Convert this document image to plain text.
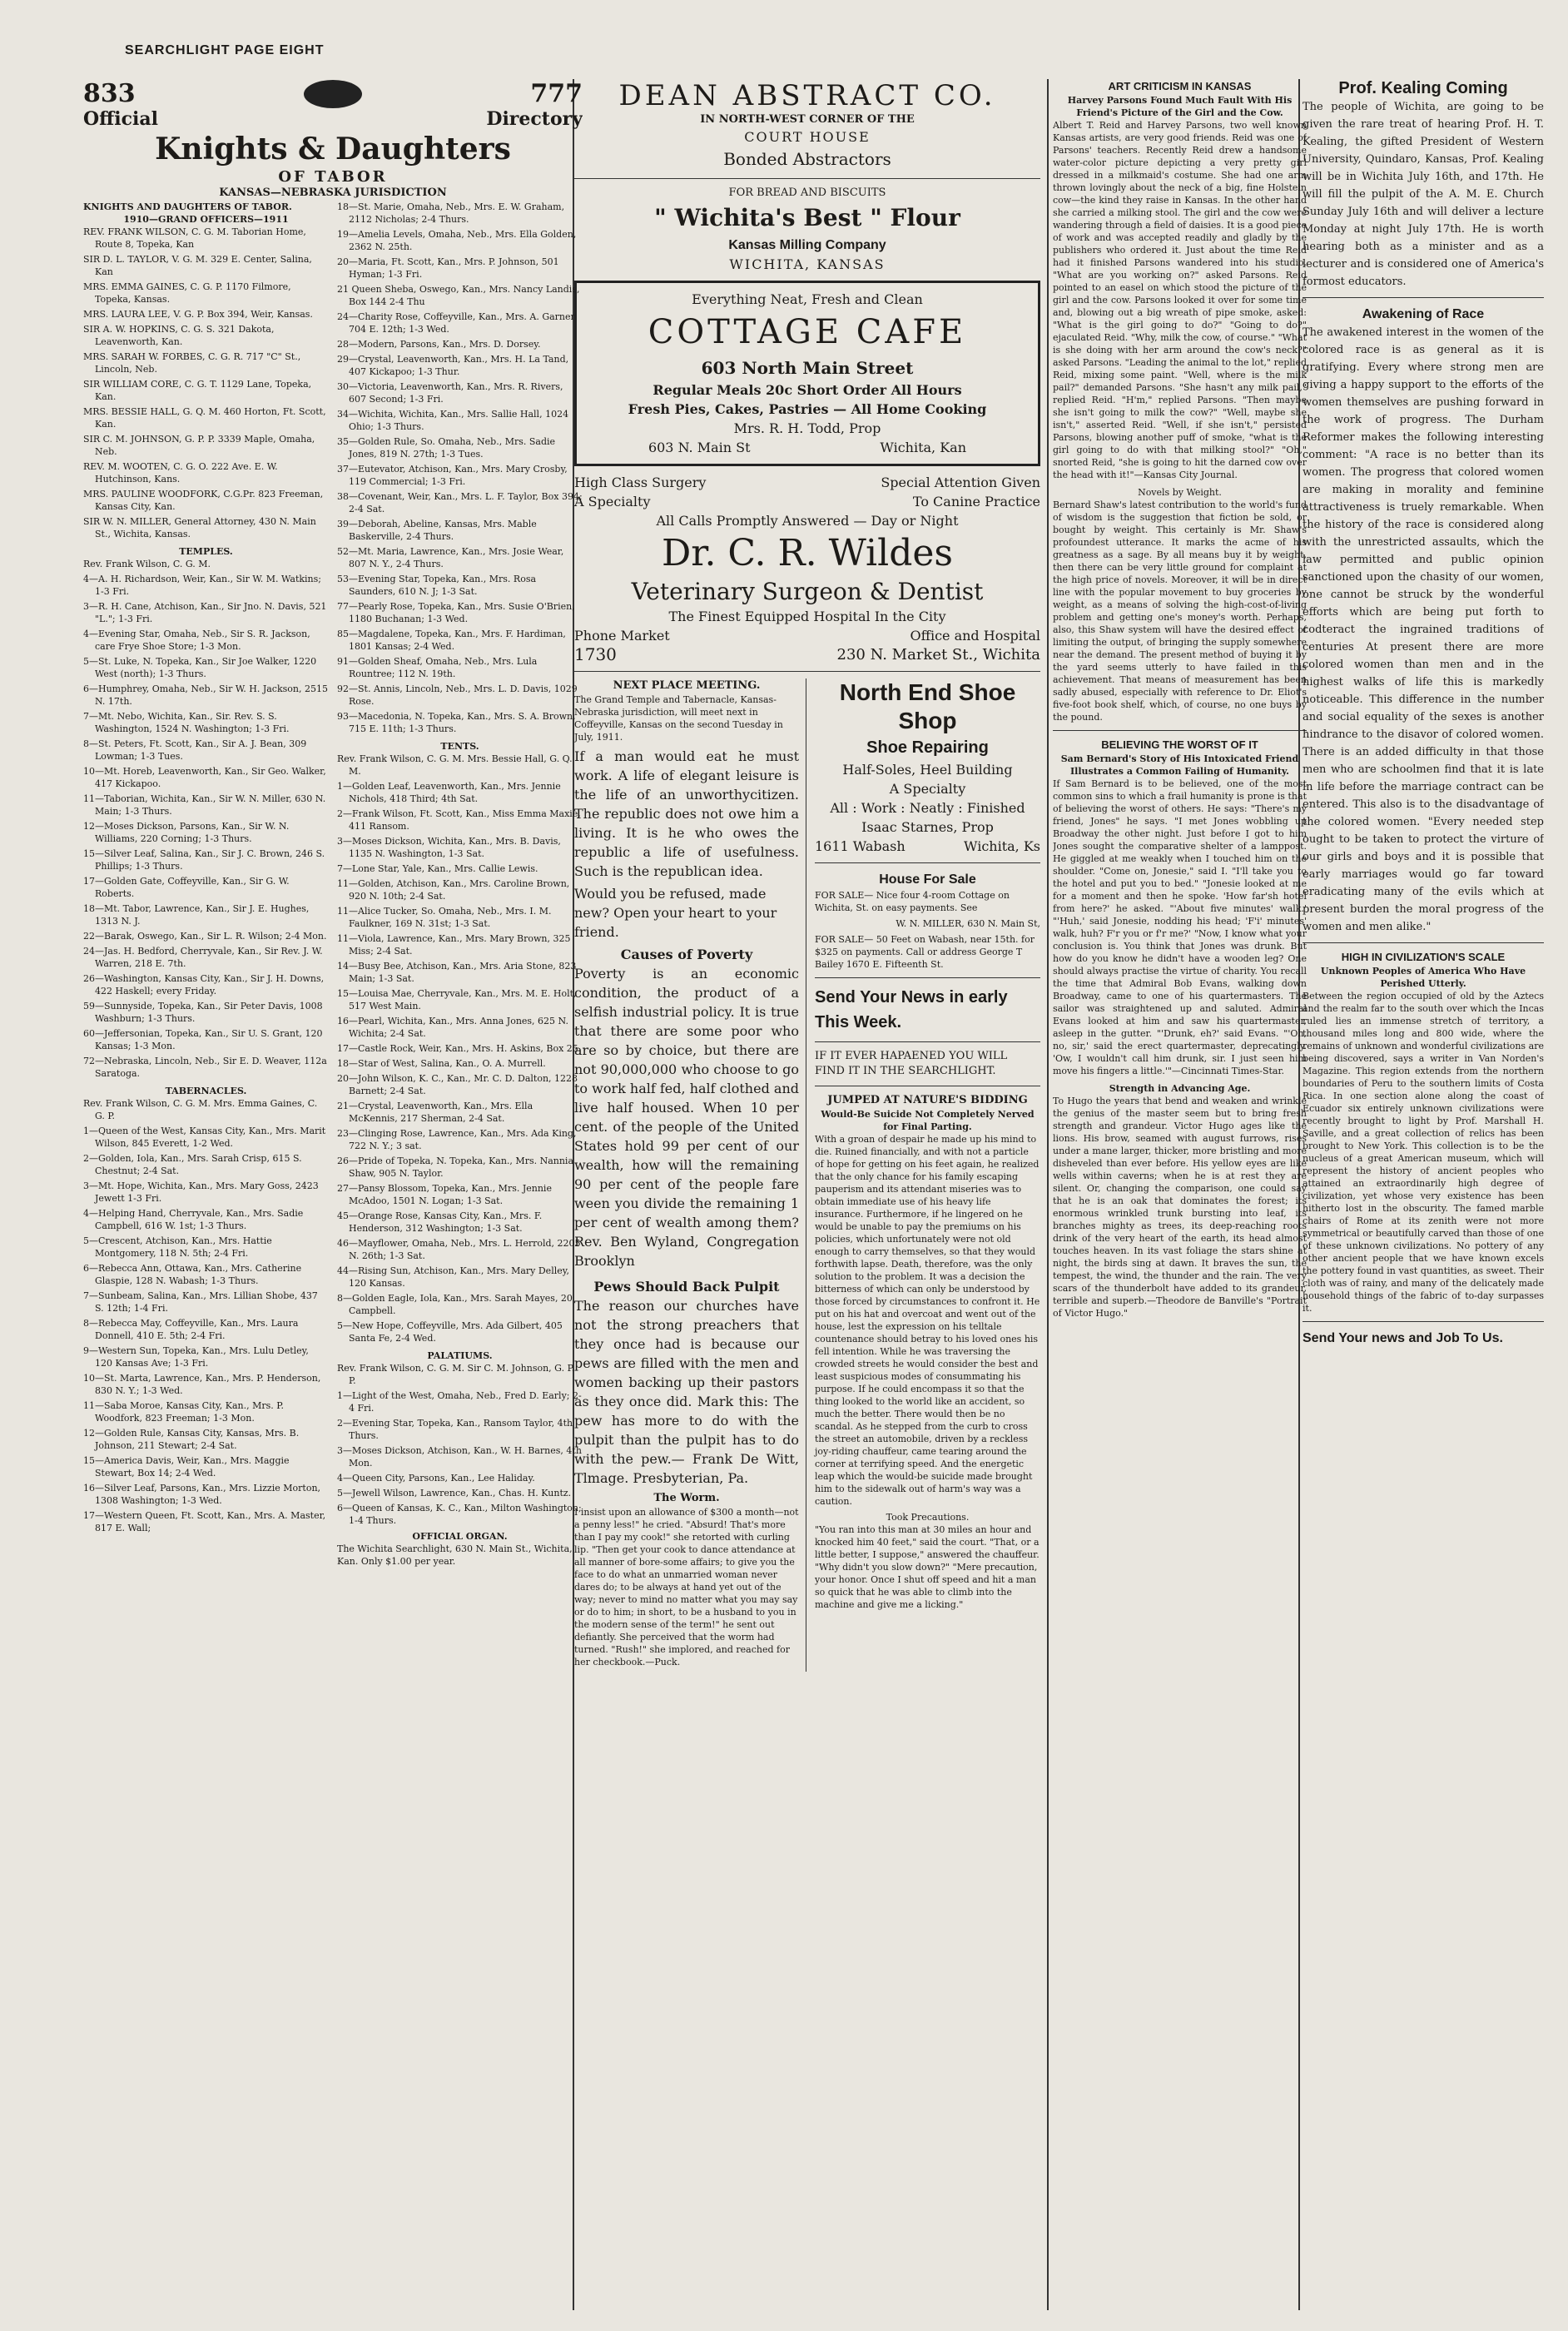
SEARCHLIGHT PAGE EIGHT
833	777
Official	Directory
Knights & Daughters
OF TABOR
KANSAS—NEBRASKA JURISDICTION
KNIGHTS AND DAUGHTERS OF TABOR.
1910—GRAND OFFICERS—1911
REV. FRANK WILSON, C. G. M. Taborian Home, Route 8, Topeka, Kan
SIR D. L. TAYLOR, V. G. M. 329 E. Center, Salina, Kan
MRS. EMMA GAINES, C. G. P. 1170 Filmore, Topeka, Kansas.
MRS. LAURA LEE, V. G. P. Box 394, Weir, Kansas.
SIR A. W. HOPKINS, C. G. S. 321 Dakota, Leavenworth, Kan.
MRS. SARAH W. FORBES, C. G. R. 717 "C" St., Lincoln, Neb.
SIR WILLIAM CORE, C. G. T. 1129 Lane, Topeka, Kan.
MRS. BESSIE HALL, G. Q. M. 460 Horton, Ft. Scott, Kan.
SIR C. M. JOHNSON, G. P. P. 3339 Maple, Omaha, Neb.
REV. M. WOOTEN, C. G. O. 222 Ave. E. W. Hutchinson, Kans.
MRS. PAULINE WOODFORK, C.G.Pr. 823 Freeman, Kansas City, Kan.
SIR W. N. MILLER, General Attorney, 430 N. Main St., Wichita, Kansas.
TEMPLES.
Rev. Frank Wilson, C. G. M.
4—A. H. Richardson, Weir, Kan., Sir W. M. Watkins; 1-3 Fri.
3—R. H. Cane, Atchison, Kan., Sir Jno. N. Davis, 521 "L."; 1-3 Fri.
4—Evening Star, Omaha, Neb., Sir S. R. Jackson, care Frye Shoe Store; 1-3 Mon.
5—St. Luke, N. Topeka, Kan., Sir Joe Walker, 1220 West (north); 1-3 Thurs.
6—Humphrey, Omaha, Neb., Sir W. H. Jackson, 2515 N. 17th.
7—Mt. Nebo, Wichita, Kan., Sir. Rev. S. S. Washington, 1524 N. Washington; 1-3 Fri.
8—St. Peters, Ft. Scott, Kan., Sir A. J. Bean, 309 Lowman; 1-3 Tues.
10—Mt. Horeb, Leavenworth, Kan., Sir Geo. Walker, 417 Kickapoo.
11—Taborian, Wichita, Kan., Sir W. N. Miller, 630 N. Main; 1-3 Thurs.
12—Moses Dickson, Parsons, Kan., Sir W. N. Williams, 220 Corning; 1-3 Thurs.
15—Silver Leaf, Salina, Kan., Sir J. C. Brown, 246 S. Phillips; 1-3 Thurs.
17—Golden Gate, Coffeyville, Kan., Sir G. W. Roberts.
18—Mt. Tabor, Lawrence, Kan., Sir J. E. Hughes, 1313 N. J.
22—Barak, Oswego, Kan., Sir L. R. Wilson; 2-4 Mon.
24—Jas. H. Bedford, Cherryvale, Kan., Sir Rev. J. W. Warren, 218 E. 7th.
26—Washington, Kansas City, Kan., Sir J. H. Downs, 422 Haskell; every Friday.
59—Sunnyside, Topeka, Kan., Sir Peter Davis, 1008 Washburn; 1-3 Thurs.
60—Jeffersonian, Topeka, Kan., Sir U. S. Grant, 120 Kansas; 1-3 Mon.
72—Nebraska, Lincoln, Neb., Sir E. D. Weaver, 112a Saratoga.
TABERNACLES.
Rev. Frank Wilson, C. G. M. Mrs. Emma Gaines, C. G. P.
1—Queen of the West, Kansas City, Kan., Mrs. Marit Wilson, 845 Everett, 1-2 Wed.
2—Golden, Iola, Kan., Mrs. Sarah Crisp, 615 S. Chestnut; 2-4 Sat.
3—Mt. Hope, Wichita, Kan., Mrs. Mary Goss, 2423 Jewett 1-3 Fri.
4—Helping Hand, Cherryvale, Kan., Mrs. Sadie Campbell, 616 W. 1st; 1-3 Thurs.
5—Crescent, Atchison, Kan., Mrs. Hattie Montgomery, 118 N. 5th; 2-4 Fri.
6—Rebecca Ann, Ottawa, Kan., Mrs. Catherine Glaspie, 128 N. Wabash; 1-3 Thurs.
7—Sunbeam, Salina, Kan., Mrs. Lillian Shobe, 437 S. 12th; 1-4 Fri.
8—Rebecca May, Coffeyville, Kan., Mrs. Laura Donnell, 410 E. 5th; 2-4 Fri.
9—Western Sun, Topeka, Kan., Mrs. Lulu Detley, 120 Kansas Ave; 1-3 Fri.
10—St. Marta, Lawrence, Kan., Mrs. P. Henderson, 830 N. Y.; 1-3 Wed.
11—Saba Moroe, Kansas City, Kan., Mrs. P. Woodfork, 823 Freeman; 1-3 Mon.
12—Golden Rule, Kansas City, Kansas, Mrs. B. Johnson, 211 Stewart; 2-4 Sat.
15—America Davis, Weir, Kan., Mrs. Maggie Stewart, Box 14; 2-4 Wed.
16—Silver Leaf, Parsons, Kan., Mrs. Lizzie Morton, 1308 Washington; 1-3 Wed.
17—Western Queen, Ft. Scott, Kan., Mrs. A. Master, 817 E. Wall;
18—St. Marie, Omaha, Neb., Mrs. E. W. Graham, 2112 Nicholas; 2-4 Thurs.
19—Amelia Levels, Omaha, Neb., Mrs. Ella Golden, 2362 N. 25th.
20—Maria, Ft. Scott, Kan., Mrs. P. Johnson, 501 Hyman; 1-3 Fri.
21 Queen Sheba, Oswego, Kan., Mrs. Nancy Landis, Box 144 2-4 Thu
24—Charity Rose, Coffeyville, Kan., Mrs. A. Garner, 704 E. 12th; 1-3 Wed.
28—Modern, Parsons, Kan., Mrs. D. Dorsey.
29—Crystal, Leavenworth, Kan., Mrs. H. La Tand, 407 Kickapoo; 1-3 Thur.
30—Victoria, Leavenworth, Kan., Mrs. R. Rivers, 607 Second; 1-3 Fri.
34—Wichita, Wichita, Kan., Mrs. Sallie Hall, 1024 Ohio; 1-3 Thurs.
35—Golden Rule, So. Omaha, Neb., Mrs. Sadie Jones, 819 N. 27th; 1-3 Tues.
37—Eutevator, Atchison, Kan., Mrs. Mary Crosby, 119 Commercial; 1-3 Fri.
38—Covenant, Weir, Kan., Mrs. L. F. Taylor, Box 394; 2-4 Sat.
39—Deborah, Abeline, Kansas, Mrs. Mable Baskerville, 2-4 Thurs.
52—Mt. Maria, Lawrence, Kan., Mrs. Josie Wear, 807 N. Y., 2-4 Thurs.
53—Evening Star, Topeka, Kan., Mrs. Rosa Saunders, 610 N. J; 1-3 Sat.
77—Pearly Rose, Topeka, Kan., Mrs. Susie O'Brien, 1180 Buchanan; 1-3 Wed.
85—Magdalene, Topeka, Kan., Mrs. F. Hardiman, 1801 Kansas; 2-4 Wed.
91—Golden Sheaf, Omaha, Neb., Mrs. Lula Rountree; 112 N. 19th.
92—St. Annis, Lincoln, Neb., Mrs. L. D. Davis, 1029 Rose.
93—Macedonia, N. Topeka, Kan., Mrs. S. A. Brown, 715 E. 11th; 1-3 Thurs.
TENTS.
Rev. Frank Wilson, C. G. M. Mrs. Bessie Hall, G. Q. M.
1—Golden Leaf, Leavenworth, Kan., Mrs. Jennie Nichols, 418 Third; 4th Sat.
2—Frank Wilson, Ft. Scott, Kan., Miss Emma Maxie, 411 Ransom.
3—Moses Dickson, Wichita, Kan., Mrs. B. Davis, 1135 N. Washington, 1-3 Sat.
7—Lone Star, Yale, Kan., Mrs. Callie Lewis.
11—Golden, Atchison, Kan., Mrs. Caroline Brown, 920 N. 10th; 2-4 Sat.
11—Alice Tucker, So. Omaha, Neb., Mrs. I. M. Faulkner, 169 N. 31st; 1-3 Sat.
11—Viola, Lawrence, Kan., Mrs. Mary Brown, 325 Miss; 2-4 Sat.
14—Busy Bee, Atchison, Kan., Mrs. Aria Stone, 823 Main; 1-3 Sat.
15—Louisa Mae, Cherryvale, Kan., Mrs. M. E. Holt, 517 West Main.
16—Pearl, Wichita, Kan., Mrs. Anna Jones, 625 N. Wichita; 2-4 Sat.
17—Castle Rock, Weir, Kan., Mrs. H. Askins, Box 25.
18—Star of West, Salina, Kan., O. A. Murrell.
20—John Wilson, K. C., Kan., Mr. C. D. Dalton, 1228 Barnett; 2-4 Sat.
21—Crystal, Leavenworth, Kan., Mrs. Ella McKennis, 217 Sherman, 2-4 Sat.
23—Clinging Rose, Lawrence, Kan., Mrs. Ada King, 722 N. Y.; 3 sat.
26—Pride of Topeka, N. Topeka, Kan., Mrs. Nannia Shaw, 905 N. Taylor.
27—Pansy Blossom, Topeka, Kan., Mrs. Jennie McAdoo, 1501 N. Logan; 1-3 Sat.
45—Orange Rose, Kansas City, Kan., Mrs. F. Henderson, 312 Washington; 1-3 Sat.
46—Mayflower, Omaha, Neb., Mrs. L. Herrold, 2205 N. 26th; 1-3 Sat.
44—Rising Sun, Atchison, Kan., Mrs. Mary Delley, 120 Kansas.
8—Golden Eagle, Iola, Kan., Mrs. Sarah Mayes, 20 Campbell.
5—New Hope, Coffeyville, Mrs. Ada Gilbert, 405 Santa Fe, 2-4 Wed.
PALATIUMS.
Rev. Frank Wilson, C. G. M. Sir C. M. Johnson, G. P. P.
1—Light of the West, Omaha, Neb., Fred D. Early; 2-4 Fri.
2—Evening Star, Topeka, Kan., Ransom Taylor, 4th Thurs.
3—Moses Dickson, Atchison, Kan., W. H. Barnes, 4th Mon.
4—Queen City, Parsons, Kan., Lee Haliday.
5—Jewell Wilson, Lawrence, Kan., Chas. H. Kuntz.
6—Queen of Kansas, K. C., Kan., Milton Washington; 1-4 Thurs.
OFFICIAL ORGAN.
The Wichita Searchlight, 630 N. Main St., Wichita, Kan. Only $1.00 per year.
DEAN ABSTRACT CO.
IN NORTH-WEST CORNER OF THE
COURT HOUSE
Bonded Abstractors
FOR BREAD AND BISCUITS
" Wichita's Best " Flour
Kansas Milling Company
WICHITA, KANSAS
Everything Neat, Fresh and Clean
COTTAGE CAFE
603 North Main Street
Regular Meals 20c Short Order All Hours
Fresh Pies, Cakes, Pastries — All Home Cooking
Mrs. R. H. Todd, Prop
603 N. Main St	Wichita, Kan
High Class Surgery
A Specialty
Special Attention Given
To Canine Practice
All Calls Promptly Answered — Day or Night
Dr. C. R. Wildes
Veterinary Surgeon & Dentist
The Finest Equipped Hospital In the City
Phone Market
1730
Office and Hospital
230 N. Market St., Wichita
NEXT PLACE MEETING.

The Grand Temple and Tabernacle, Kansas-Nebraska jurisdiction, will meet next in Coffeyville, Kansas on the second Tuesday in July, 1911.

If a man would eat he must work. A life of elegant leisure is the life of an unworthycitizen. The republic does not owe him a living. It is he who owes the republic a life of usefulness. Such is the republican idea.

Would you be refused, made new? Open your heart to your friend.

Causes of Poverty

Poverty is an economic condition, the product of a selfish industrial policy. It is true that there are some poor who are so by choice, but there are not 90,000,000 who choose to go to work half fed, half clothed and live half housed. When 10 per cent. of the people of the United States hold 99 per cent of our wealth, how will the remaining 90 per cent of the people fare ween you divide the remaining 1 per cent of wealth among them? Rev. Ben Wyland, Congregation Brooklyn

Pews Should Back Pulpit

The reason our churches have not the strong preachers that they once had is because our pews are filled with the men and women backing up their pastors as they once did. Mark this: The pew has more to do with the pulpit than the pulpit has to do with the pew.— Frank De Witt, Tlmage. Presbyterian, Pa.

The Worm.

I insist upon an allowance of $300 a month—not a penny less!" he cried. "Absurd! That's more than I pay my cook!" she retorted with curling lip. "Then get your cook to dance attendance at all manner of bore-some affairs; to give you the face to do what an unmarried woman never dares do; to be always at hand yet out of the way; never to mind no matter what you may say or do to him; in short, to be a husband to you in the modern sense of the term!" he sent out defiantly. She perceived that the worm had turned. "Rush!" she implored, and reached for her checkbook.—Puck.

North End Shoe
Shop
Shoe Repairing
Half-Soles, Heel Building
A Specialty
All : Work : Neatly : Finished
Isaac Starnes, Prop
1611 Wabash	Wichita, Ks
House For Sale

FOR SALE— Nice four 4-room Cottage on Wichita, St. on easy payments. See

W. N. MILLER, 630 N. Main St,

FOR SALE— 50 Feet on Wabash, near 15th. for $325 on payments. Call or address George T Bailey 1670 E. Fifteenth St.

Send Your News in early This Week.
IF IT EVER HAPAENED YOU WILL FIND IT IN THE SEARCHLIGHT.
JUMPED AT NATURE'S BIDDING
Would-Be Suicide Not Completely Nerved for Final Parting.

With a groan of despair he made up his mind to die. Ruined financially, and with not a particle of hope for getting on his feet again, he realized that the only chance for his family escaping pauperism and its attendant miseries was to obtain immediate use of his heavy life insurance. Furthermore, if he lingered on he would be unable to pay the premiums on his policies, which unfortunately were not old enough to carry themselves, so that they would forthwith lapse. Death, therefore, was the only solution to the problem. It was a decision the bitterness of which can only be understood by those forced by circumstances to confront it. He put on his hat and overcoat and went out of the house, lest the expression on his telltale countenance should betray to his loved ones his fell intention. While he was traversing the crowded streets he would consider the best and least suspicious modes of consummating his purpose. If he could encompass it so that the thing looked to the world like an accident, so much the better. There would then be no scandal. As he stepped from the curb to cross the street an automobile, driven by a reckless joy-riding chauffeur, came tearing around the corner at terrifying speed. And the energetic leap which the would-be suicide made brought him to the sidewalk out of harm's way was a caution.

Took Precautions.

"You ran into this man at 30 miles an hour and knocked him 40 feet," said the court. "That, or a little better, I suppose," answered the chauffeur. "Why didn't you slow down?" "Mere precaution, your honor. Once I shut off speed and hit a man so quick that he was able to climb into the machine and give me a licking."

ART CRITICISM IN KANSAS
Harvey Parsons Found Much Fault With His Friend's Picture of the Girl and the Cow.

Albert T. Reid and Harvey Parsons, two well known Kansas artists, are very good friends. Reid was one of Parsons' teachers. Recently Reid drew a handsome water-color picture depicting a very pretty girl dressed in a milkmaid's costume. She had one arm thrown lovingly about the neck of a big, fine Holstein cow—the kind they raise in Kansas. In the other hand she carried a milking stool. The girl and the cow were wandering through a field of daisies. It is a good piece of work and was accepted readily and gladly by the publishers who ordered it. Just about the time Reid had it finished Parsons wandered into his studio. "What are you working on?" asked Parsons. Reid pointed to an easel on which stood the picture of the girl and the cow. Parsons looked it over for some time and, blowing out a big wreath of pipe smoke, asked: "What is the girl going to do?" "Going to do?" ejaculated Reid. "Why, milk the cow, of course." "What is she doing with her arm around the cow's neck?" asked Parsons. "Leading the animal to the lot," replied Reid, mixing some paint. "Well, where is the milk pail?" demanded Parsons. "She hasn't any milk pail," replied Reid. "H'm," replied Parsons. "Then maybe she isn't going to milk the cow?" "Well, maybe she isn't," asserted Reid. "Well, if she isn't," persisted Parsons, blowing another puff of smoke, "what is the girl going to do with that milking stool?" "Oh," snorted Reid, "she is going to hit the darned cow over the head with it!"—Kansas City Journal.

Novels by Weight.

Bernard Shaw's latest contribution to the world's fund of wisdom is the suggestion that fiction be sold, or bought by weight. This certainly is Mr. Shaw's profoundest utterance. It marks the acme of his greatness as a sage. By all means buy it by weight, then there can be very little ground for complaint at the high price of novels. Moreover, it will be in direct line with the popular movement to buy groceries by weight, as a means of solving the high-cost-of-living problem and getting one's money's worth. Perhaps, also, this Shaw system will have the desired effect of limiting the output, of bringing the supply somewhere near the demand. The present method of buying it by the yard seems utterly to have failed in this achievement. That means of measurement has been sadly abused, especially with reference to Dr. Eliot's five-foot book shelf, which, of course, no one buys by the pound.

BELIEVING THE WORST OF IT
Sam Bernard's Story of His Intoxicated Friend Illustrates a Common Failing of Humanity.

If Sam Bernard is to be believed, one of the most common sins to which a frail humanity is prone is that of believing the worst of others. He says: "There's my friend, Jones" he says. "I met Jones wobbling up Broadway the other night. Just before I got to him Jones sought the comparative shelter of a lamppost. He giggled at me weakly when I touched him on the shoulder. "Come on, Jonesie," said I. "I'll take you to the hotel and put you to bed." "Jonesie looked at me for a moment and then he spoke. 'How far'sh hotel from here?' he asked. "'About five minutes' walk.' "'Huh,' said Jonesie, nodding his head; 'F'i' minutes' walk, huh? F'r you or f'r me?' "Now, I know what your conclusion is. You think that Jones was drunk. But how do you know he didn't have a wooden leg? One should always practise the virtue of charity. You recall the time that Admiral Bob Evans, walking down Broadway, came to one of his quartermasters. The sailor was straightened up and saluted. Admiral Evans looked at him and saw his quartermaster, asleep in the gutter. "'Drunk, eh?' said Evans. "'Oh, no, sir,' said the erect quartermaster, deprecatingly. 'Ow, I wouldn't call him drunk, sir. I just seen him move his fingers a little.'"—Cincinnati Times-Star.

Strength in Advancing Age.

To Hugo the years that bend and weaken and wrinkle the genius of the master seem but to bring fresh strength and grandeur. Victor Hugo ages like the lions. His brow, seamed with august furrows, rises under a mane larger, thicker, more bristling and more disheveled than ever before. His yellow eyes are like wells within caverns; when he is at rest they are silent. Or, changing the comparison, one could say that he is an oak that dominates the forest; its enormous wrinkled trunk bursting into leaf, its branches mighty as trees, its deep-reaching roots drink of the very heart of the earth, its head almost touches heaven. In its vast foliage the stars shine at night, the birds sing at dawn. It braves the sun, the tempest, the wind, the thunder and the rain. The very scars of the thunderbolt have added to its grandeur, terrible and superb.—Theodore de Banville's "Portrait of Victor Hugo."

Prof. Kealing Coming

The people of Wichita, are going to be given the rare treat of hearing Prof. H. T. Kealing, the gifted President of Western University, Quindaro, Kansas, Prof. Kealing will be in Wichita July 16th, and 17th. He will fill the pulpit of the A. M. E. Church Sunday July 16th and will deliver a lecture Monday at night July 17th. He is worth hearing both as a minister and as a lecturer and is considered one of America's formost educators.

Awakening of Race

The awakened interest in the women of the colored race is as general as it is gratifying. Every where strong men are giving a happy support to the efforts of the women themselves are pushing forward in the work of progress. The Durham Reformer makes the following interesting comment: "A race is no better than its women. The progress that colored women are making in morality and feminine attractiveness is truely remarkable. When the history of the race is considered along with the unrestricted assaults, which the law permitted and public opinion sanctioned upon the chasity of our women, one cannot be struck by the wonderful efforts which are being put forth to codteract the ingrained traditions of centuries At present there are more colored women than men and in the highest walks of life this is markedly noticeable. This difference in the number and social equality of the sexes is another hindrance to the disavor of colored women. There is an added difficulty in that those men who are schoolmen find that it is late in life before the marriage contract can be entered. This also is to the disadvantage of the colored women. "Every needed step ought to be taken to protect the virture of our girls and boys and it is possible that early marriages would go far toward eradicating many of the evils which at present burden the moral progress of the women and men alike."

HIGH IN CIVILIZATION'S SCALE
Unknown Peoples of America Who Have Perished Utterly.

Between the region occupied of old by the Aztecs and the realm far to the south over which the Incas ruled lies an immense stretch of territory, a thousand miles long and 800 wide, where the remains of unknown and wonderful civilizations are being discovered, says a writer in Van Norden's Magazine. This region extends from the northern boundaries of Peru to the southern limits of Costa Rica. In one section alone along the coast of Ecuador six entirely unknown civilizations were recently brought to light by Prof. Marshall H. Saville, and a great collection of relics has been brought to New York. This collection is to be the nucleus of a great American museum, which will represent the history of ancient peoples who attained an extraordinarily high degree of civilization, yet whose very existence has been hitherto lost in the obscurity. The famed marble chairs of Rome at its zenith were not more symmetrical or beautifully carved than those of one of these unknown civilizations. No pottery of any other ancient people that we have known excels the pottery found in vast quantities, as sweet. Their cloth was of rainy, and many of the delicately made household things of the fabric of to-day surpasses it.

Send Your news and Job To Us.
